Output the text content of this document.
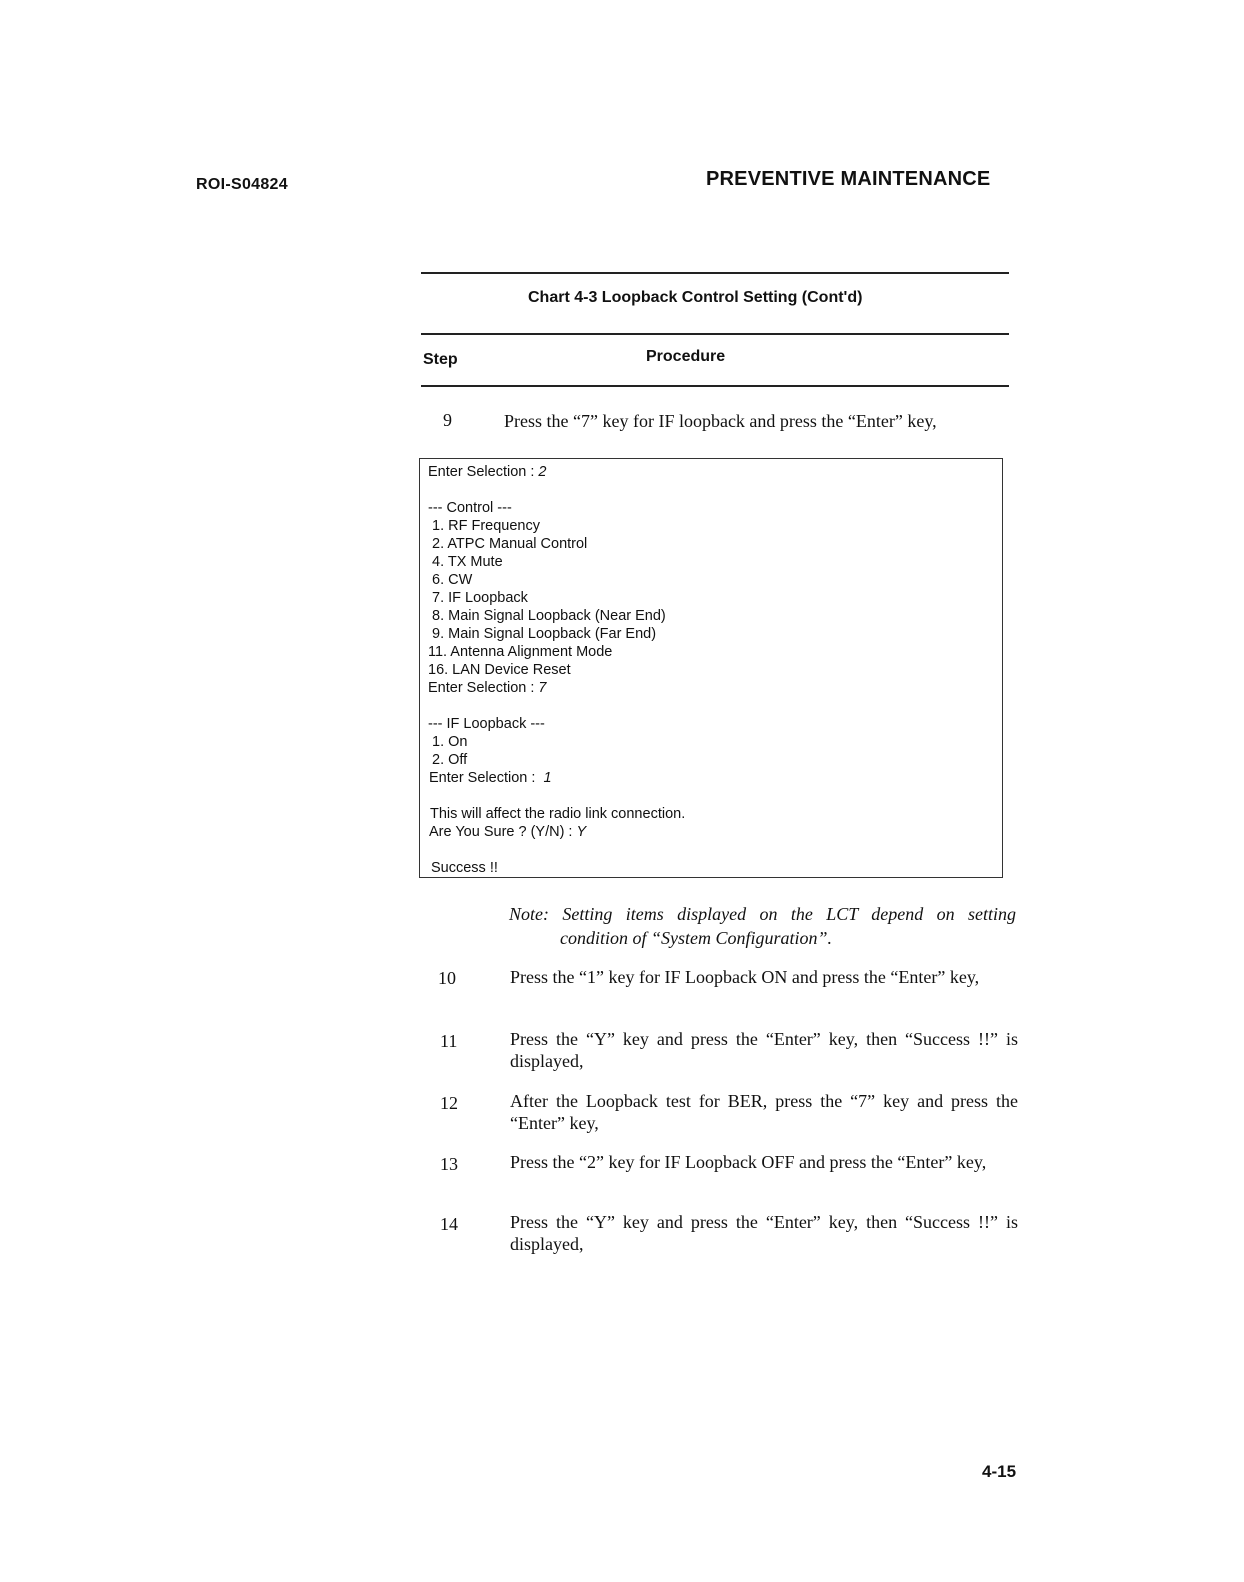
ROI-S04824	PREVENTIVE MAINTENANCE
Chart 4-3 Loopback Control Setting (Cont'd)
Step	Procedure
9	Press the “7” key for IF loopback and press the “Enter” key,
Enter Selection : 2
--- Control ---
1. RF Frequency
2. ATPC Manual Control
4. TX Mute
6. CW
7. IF Loopback
8. Main Signal Loopback (Near End)
9. Main Signal Loopback (Far End)
11. Antenna Alignment Mode
16. LAN Device Reset
Enter Selection : 7
--- IF Loopback ---
1. On
2. Off
Enter Selection :  1
This will affect the radio link connection.
Are You Sure ? (Y/N) : Y
Success !!
Note: Setting items displayed on the LCT depend on setting
condition of “System Configuration”.
10	Press the “1” key for IF Loopback ON and press the “Enter” key,
11	Press the “Y” key and press the “Enter” key, then “Success !!” is displayed,
12	After the Loopback test for BER, press the “7” key and press the “Enter” key,
13	Press the “2” key for IF Loopback OFF and press the “Enter” key,
14	Press the “Y” key and press the “Enter” key, then “Success !!” is displayed,
4-15
